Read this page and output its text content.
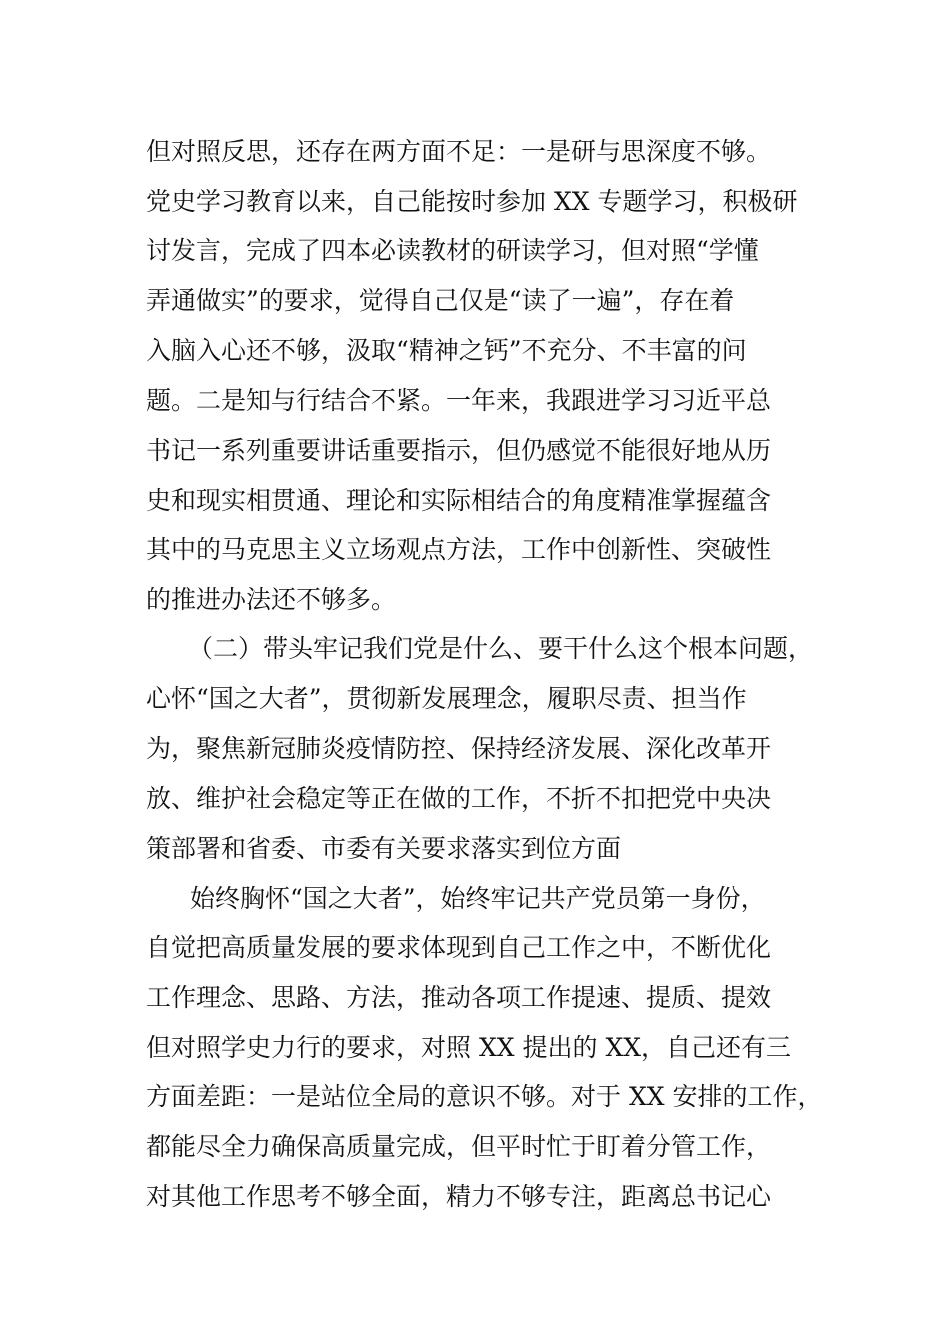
但对照反思，还存在两方面不足：一是研与思深度不够。
党史学习教育以来，自己能按时参加 XX 专题学习，积极研
讨发言，完成了四本必读教材的研读学习，但对照“学懂
弄通做实”的要求，觉得自己仅是“读了一遍”，存在着
入脑入心还不够，汲取“精神之钙”不充分、不丰富的问
题。二是知与行结合不紧。一年来，我跟进学习习近平总
书记一系列重要讲话重要指示，但仍感觉不能很好地从历
史和现实相贯通、理论和实际相结合的角度精准掌握蕴含
其中的马克思主义立场观点方法，工作中创新性、突破性
的推进办法还不够多。
（二）带头牢记我们党是什么、要干什么这个根本问题，
心怀“国之大者”，贯彻新发展理念，履职尽责、担当作
为，聚焦新冠肺炎疫情防控、保持经济发展、深化改革开
放、维护社会稳定等正在做的工作，不折不扣把党中央决
策部署和省委、市委有关要求落实到位方面
始终胸怀“国之大者”，始终牢记共产党员第一身份，
自觉把高质量发展的要求体现到自己工作之中，不断优化
工作理念、思路、方法，推动各项工作提速、提质、提效
但对照学史力行的要求，对照 XX 提出的 XX，自己还有三
方面差距：一是站位全局的意识不够。对于 XX 安排的工作，
都能尽全力确保高质量完成，但平时忙于盯着分管工作，
对其他工作思考不够全面，精力不够专注，距离总书记心
